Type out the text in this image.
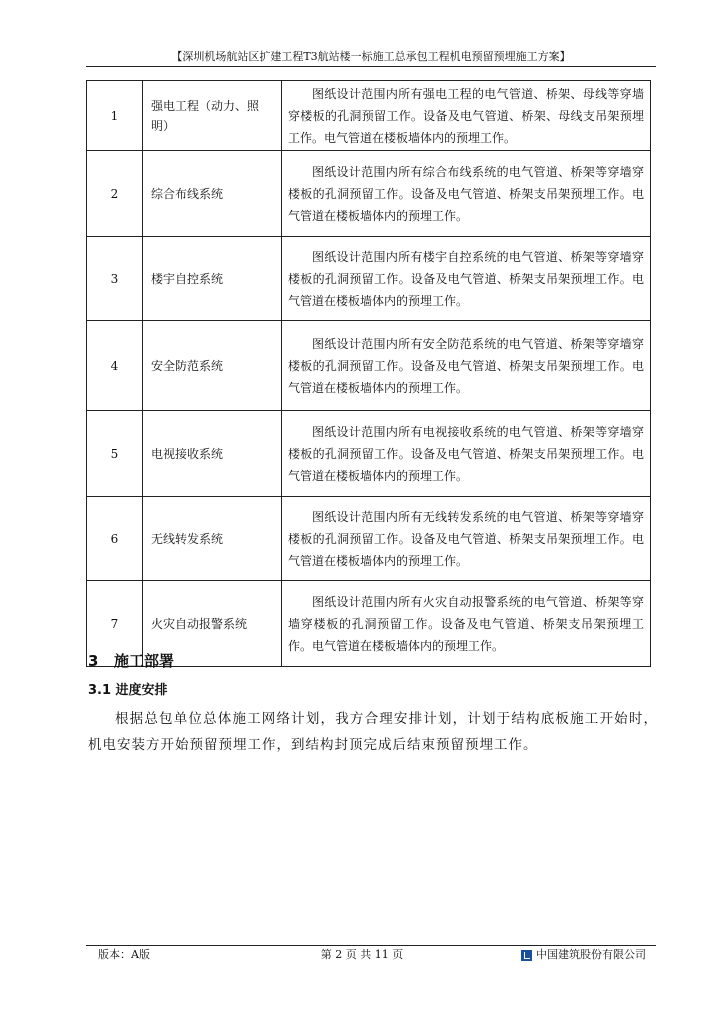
【深圳机场航站区扩建工程T3航站楼一标施工总承包工程机电预留预埋施工方案】
1	强电工程（动力、照明）	图纸设计范围内所有强电工程的电气管道、桥架、母线等穿墙穿楼板的孔洞预留工作。设备及电气管道、桥架、母线支吊架预埋工作。电气管道在楼板墙体内的预埋工作。
2	综合布线系统	图纸设计范围内所有综合布线系统的电气管道、桥架等穿墙穿楼板的孔洞预留工作。设备及电气管道、桥架支吊架预埋工作。电气管道在楼板墙体内的预埋工作。
3	楼宇自控系统	图纸设计范围内所有楼宇自控系统的电气管道、桥架等穿墙穿楼板的孔洞预留工作。设备及电气管道、桥架支吊架预埋工作。电气管道在楼板墙体内的预埋工作。
4	安全防范系统	图纸设计范围内所有安全防范系统的电气管道、桥架等穿墙穿楼板的孔洞预留工作。设备及电气管道、桥架支吊架预埋工作。电气管道在楼板墙体内的预埋工作。
5	电视接收系统	图纸设计范围内所有电视接收系统的电气管道、桥架等穿墙穿楼板的孔洞预留工作。设备及电气管道、桥架支吊架预埋工作。电气管道在楼板墙体内的预埋工作。
6	无线转发系统	图纸设计范围内所有无线转发系统的电气管道、桥架等穿墙穿楼板的孔洞预留工作。设备及电气管道、桥架支吊架预埋工作。电气管道在楼板墙体内的预埋工作。
7	火灾自动报警系统	图纸设计范围内所有火灾自动报警系统的电气管道、桥架等穿墙穿楼板的孔洞预留工作。设备及电气管道、桥架支吊架预埋工作。电气管道在楼板墙体内的预埋工作。
3 施工部署
3.1 进度安排
根据总包单位总体施工网络计划，我方合理安排计划，计划于结构底板施工开始时，机电安装方开始预留预埋工作，到结构封顶完成后结束预留预埋工作。
版本：A版	第 2 页 共 11 页	中国建筑股份有限公司
